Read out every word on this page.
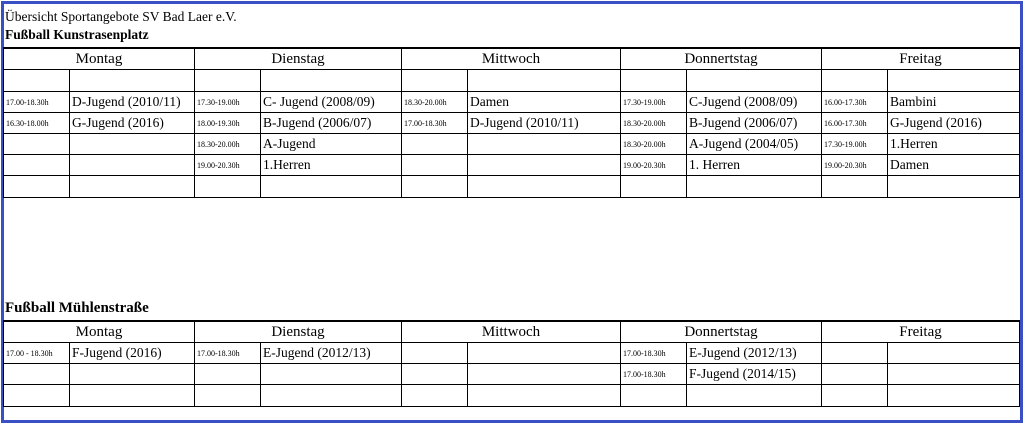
Übersicht Sportangebote SV Bad Laer e.V.
Fußball Kunstrasenplatz
Montag		Dienstag		Mittwoch		Donnertstag		Freitag	

17.00-18.30h	D-Jugend (2010/11)	17.30-19.00h	C- Jugend (2008/09)	18.30-20.00h	Damen	17.30-19.00h	C-Jugend (2008/09)	16.00-17.30h	Bambini
16.30-18.00h	G-Jugend (2016)	18.00-19.30h	B-Jugend (2006/07)	17.00-18.30h	D-Jugend (2010/11)	18.30-20.00h	B-Jugend (2006/07)	16.00-17.30h	G-Jugend (2016)
		18.30-20.00h	A-Jugend			18.30-20.00h	A-Jugend (2004/05)	17.30-19.00h	1.Herren
		19.00-20.30h	1.Herren			19.00-20.30h	1. Herren	19.00-20.30h	Damen

Fußball Mühlenstraße
Montag		Dienstag		Mittwoch		Donnertstag		Freitag	
17.00 - 18.30h	F-Jugend (2016)	17.00-18.30h	E-Jugend (2012/13)			17.00-18.30h	E-Jugend (2012/13)		
						17.00-18.30h	F-Jugend (2014/15)		
